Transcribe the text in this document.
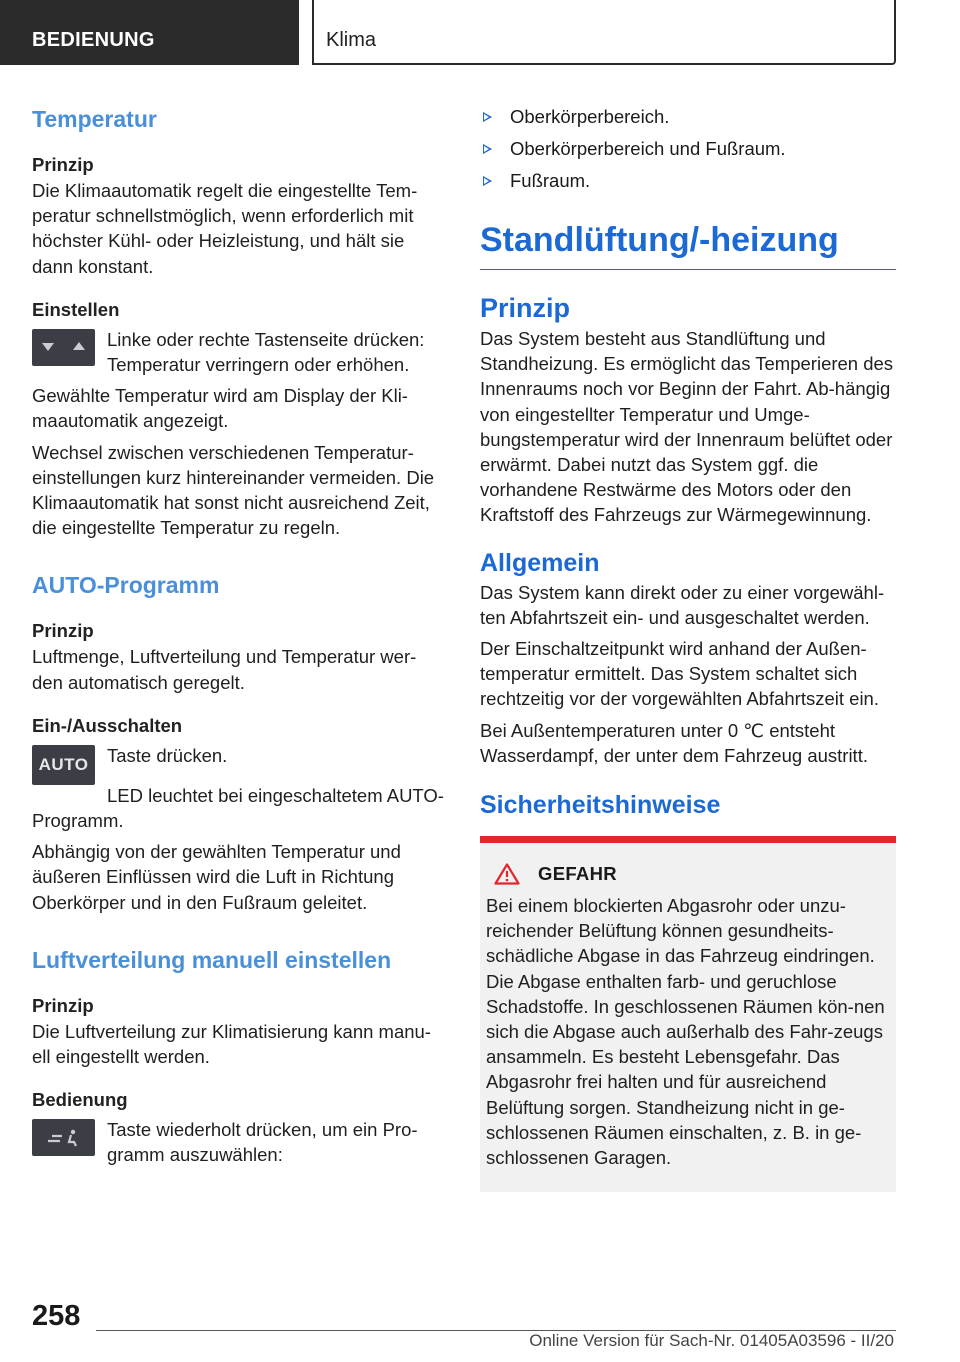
BEDIENUNG	Klima
Temperatur
Prinzip

Die Klimaautomatik regelt die eingestellte Tem-peratur schnellstmöglich, wenn erforderlich mit höchster Kühl- oder Heizleistung, und hält sie dann konstant.

Einstellen

Linke oder rechte Tastenseite drücken: Temperatur verringern oder erhöhen.

Gewählte Temperatur wird am Display der Kli-maautomatik angezeigt.

Wechsel zwischen verschiedenen Temperatur-einstellungen kurz hintereinander vermeiden. Die Klimaautomatik hat sonst nicht ausreichend Zeit, die eingestellte Temperatur zu regeln.

AUTO-Programm
Prinzip

Luftmenge, Luftverteilung und Temperatur wer-den automatisch geregelt.

Ein-/Ausschalten
AUTO	Taste drücken.

LED leuchtet bei eingeschaltetem AUTO-Programm.

Abhängig von der gewählten Temperatur und äußeren Einflüssen wird die Luft in Richtung Oberkörper und in den Fußraum geleitet.

Luftverteilung manuell einstellen
Prinzip

Die Luftverteilung zur Klimatisierung kann manu-ell eingestellt werden.

Bedienung

Taste wiederholt drücken, um ein Pro-gramm auszuwählen:

Oberkörperbereich.
Oberkörperbereich und Fußraum.
Fußraum.
Standlüftung/-heizung
Prinzip

Das System besteht aus Standlüftung und Standheizung. Es ermöglicht das Temperieren des Innenraums noch vor Beginn der Fahrt. Ab-hängig von eingestellter Temperatur und Umge-bungstemperatur wird der Innenraum belüftet oder erwärmt. Dabei nutzt das System ggf. die vorhandene Restwärme des Motors oder den Kraftstoff des Fahrzeugs zur Wärmegewinnung.

Allgemein

Das System kann direkt oder zu einer vorgewähl-ten Abfahrtszeit ein- und ausgeschaltet werden.

Der Einschaltzeitpunkt wird anhand der Außen-temperatur ermittelt. Das System schaltet sich rechtzeitig vor der vorgewählten Abfahrtszeit ein.

Bei Außentemperaturen unter 0 ℃ entsteht Wasserdampf, der unter dem Fahrzeug austritt.

Sicherheitshinweise
GEFAHR

Bei einem blockierten Abgasrohr oder unzu-reichender Belüftung können gesundheits-schädliche Abgase in das Fahrzeug eindringen. Die Abgase enthalten farb- und geruchlose Schadstoffe. In geschlossenen Räumen kön-nen sich die Abgase auch außerhalb des Fahr-zeugs ansammeln. Es besteht Lebensgefahr. Das Abgasrohr frei halten und für ausreichend Belüftung sorgen. Standheizung nicht in ge-schlossenen Räumen einschalten, z. B. in ge-schlossenen Garagen.

258
Online Version für Sach-Nr. 01405A03596 - II/20
